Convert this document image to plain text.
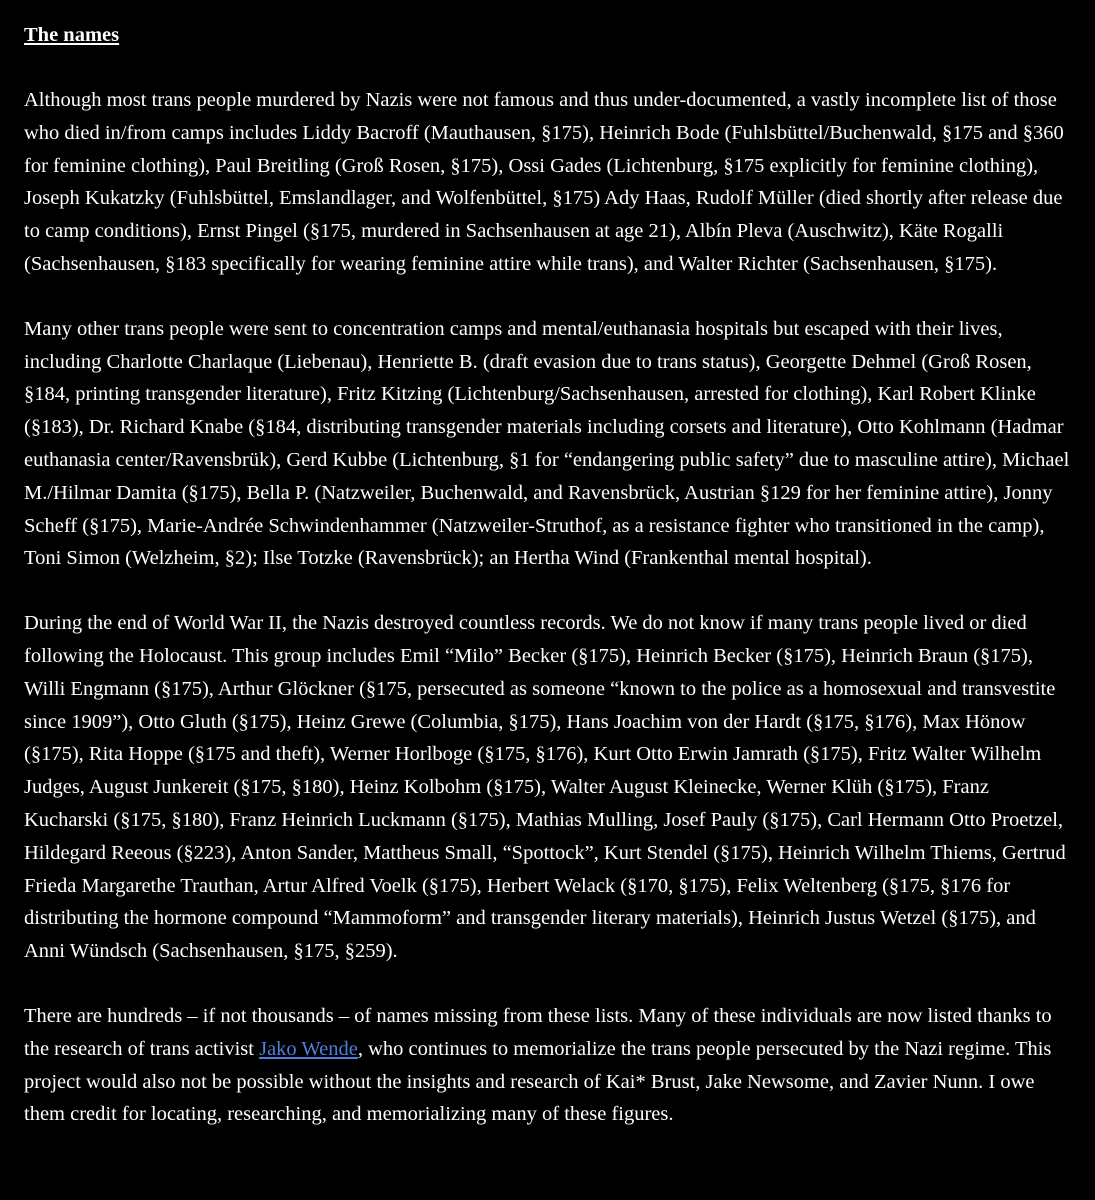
The names

Although most trans people murdered by Nazis were not famous and thus under-documented, a vastly incomplete list of those who died in/from camps includes Liddy Bacroff (Mauthausen, §175), Heinrich Bode (Fuhlsbüttel/Buchenwald, §175 and §360 for feminine clothing), Paul Breitling (Groß Rosen, §175), Ossi Gades (Lichtenburg, §175 explicitly for feminine clothing), Joseph Kukatzky (Fuhlsbüttel, Emslandlager, and Wolfenbüttel, §175) Ady Haas, Rudolf Müller (died shortly after release due to camp conditions), Ernst Pingel (§175, murdered in Sachsenhausen at age 21), Albín Pleva (Auschwitz), Käte Rogalli (Sachsenhausen, §183 specifically for wearing feminine attire while trans), and Walter Richter (Sachsenhausen, §175).

Many other trans people were sent to concentration camps and mental/euthanasia hospitals but escaped with their lives, including Charlotte Charlaque (Liebenau), Henriette B. (draft evasion due to trans status), Georgette Dehmel (Groß Rosen, §184, printing transgender literature), Fritz Kitzing (Lichtenburg/Sachsenhausen, arrested for clothing), Karl Robert Klinke (§183), Dr. Richard Knabe (§184, distributing transgender materials including corsets and literature), Otto Kohlmann (Hadmar euthanasia center/Ravensbrük), Gerd Kubbe (Lichtenburg, §1 for “endangering public safety” due to masculine attire), Michael M./Hilmar Damita (§175), Bella P. (Natzweiler, Buchenwald, and Ravensbrück, Austrian §129 for her feminine attire), Jonny Scheff (§175), Marie-Andrée Schwindenhammer (Natzweiler-Struthof, as a resistance fighter who transitioned in the camp), Toni Simon (Welzheim, §2); Ilse Totzke (Ravensbrück); an Hertha Wind (Frankenthal mental hospital).

During the end of World War II, the Nazis destroyed countless records. We do not know if many trans people lived or died following the Holocaust. This group includes Emil “Milo” Becker (§175), Heinrich Becker (§175), Heinrich Braun (§175), Willi Engmann (§175), Arthur Glöckner (§175, persecuted as someone “known to the police as a homosexual and transvestite since 1909”), Otto Gluth (§175), Heinz Grewe (Columbia, §175), Hans Joachim von der Hardt (§175, §176), Max Hönow (§175), Rita Hoppe (§175 and theft), Werner Horlboge (§175, §176), Kurt Otto Erwin Jamrath (§175), Fritz Walter Wilhelm Judges, August Junkereit (§175, §180), Heinz Kolbohm (§175), Walter August Kleinecke, Werner Klüh (§175), Franz Kucharski (§175, §180), Franz Heinrich Luckmann (§175), Mathias Mulling, Josef Pauly (§175), Carl Hermann Otto Proetzel, Hildegard Reeous (§223), Anton Sander, Mattheus Small, “Spottock”, Kurt Stendel (§175), Heinrich Wilhelm Thiems, Gertrud Frieda Margarethe Trauthan, Artur Alfred Voelk (§175), Herbert Welack (§170, §175), Felix Weltenberg (§175, §176 for distributing the hormone compound “Mammoform” and transgender literary materials), Heinrich Justus Wetzel (§175), and Anni Wündsch (Sachsenhausen, §175, §259).

There are hundreds – if not thousands – of names missing from these lists. Many of these individuals are now listed thanks to the research of trans activist Jako Wende, who continues to memorialize the trans people persecuted by the Nazi regime. This project would also not be possible without the insights and research of Kai* Brust, Jake Newsome, and Zavier Nunn. I owe them credit for locating, researching, and memorializing many of these figures.
